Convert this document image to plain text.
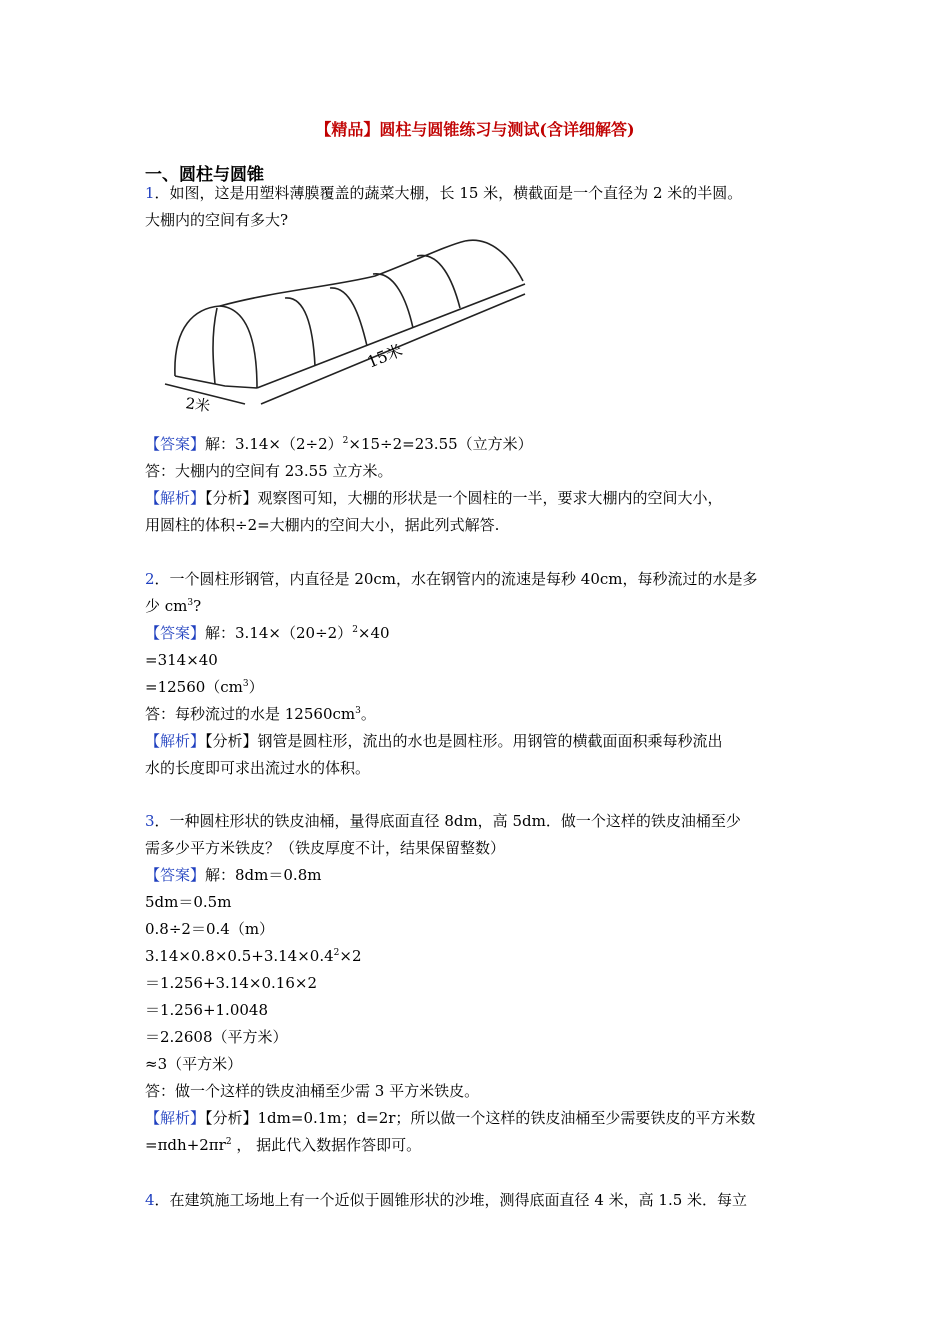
【精品】圆柱与圆锥练习与测试(含详细解答)
一、圆柱与圆锥
1．如图，这是用塑料薄膜覆盖的蔬菜大棚，长 15 米，横截面是一个直径为 2 米的半圆。
大棚内的空间有多大?
2米
15米
【答案】解：$3.14\times(2\div 2)^2\times 15\div 2=23.55$（立方米）
答：大棚内的空间有 23.55 立方米。
【解析】【分析】观察图可知，大棚的形状是一个圆柱的一半，要求大棚内的空间大小，
用圆柱的体积÷2=大棚内的空间大小，据此列式解答.
2．一个圆柱形钢管，内直径是 20cm，水在钢管内的流速是每秒 40cm，每秒流过的水是多
少 $cm^3$?
【答案】解：$3.14\times(20\div 2)^2\times 40$
=314×40
$=12560(cm^3)$
答：每秒流过的水是 $12560cm^3$。
【解析】【分析】钢管是圆柱形，流出的水也是圆柱形。用钢管的横截面面积乘每秒流出
水的长度即可求出流过水的体积。
3．一种圆柱形状的铁皮油桶，量得底面直径 8dm，高 5dm．做一个这样的铁皮油桶至少
需多少平方米铁皮？（铁皮厚度不计，结果保留整数）
【答案】解：8dm＝0.8m
5dm＝0.5m
0.8÷2＝0.4（m）
$3.14\times 0.8\times 0.5+3.14\times 0.4^2\times 2$
＝1.256+3.14×0.16×2
＝1.256+1.0048
＝2.2608（平方米）
≈3（平方米）
答：做一个这样的铁皮油桶至少需 3 平方米铁皮。
【解析】【分析】1dm=0.1m；d=2r；所以做一个这样的铁皮油桶至少需要铁皮的平方米数
$=\pi dh+2\pi r^2$ ， 据此代入数据作答即可。
4．在建筑施工场地上有一个近似于圆锥形状的沙堆，测得底面直径 4 米，高 1.5 米．每立
